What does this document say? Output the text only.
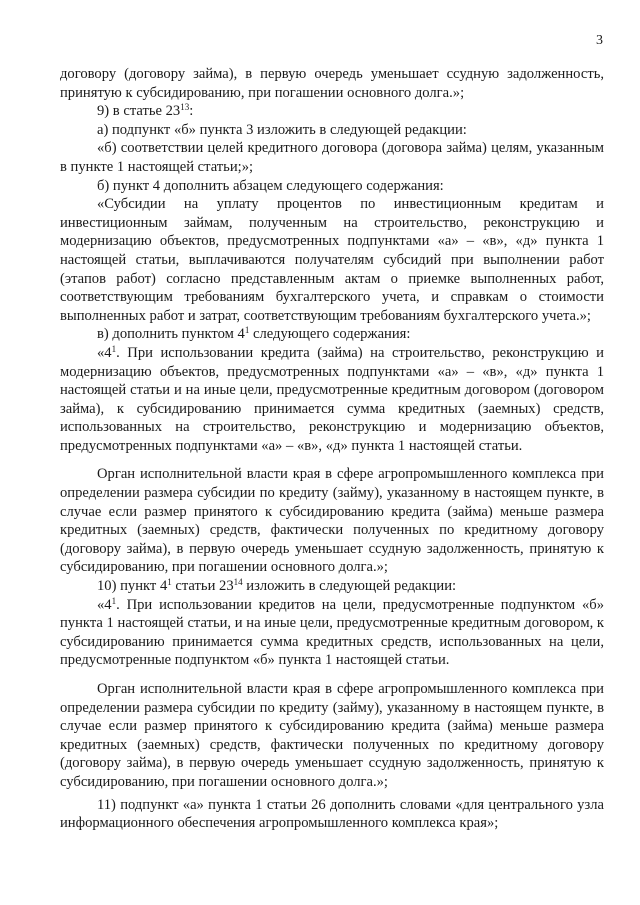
3

договору (договору займа), в первую очередь уменьшает ссудную задолженность, принятую к субсидированию, при погашении основного долга.»;

9) в статье $23^{13}$:

а) подпункт «б» пункта 3 изложить в следующей редакции:

«б) соответствии целей кредитного договора (договора займа) целям, указанным в пункте 1 настоящей статьи;»;

б) пункт 4 дополнить абзацем следующего содержания:

«Субсидии на уплату процентов по инвестиционным кредитам и инвестиционным займам, полученным на строительство, реконструкцию и модернизацию объектов, предусмотренных подпунктами «а» – «в», «д» пункта 1 настоящей статьи, выплачиваются получателям субсидий при выполнении работ (этапов работ) согласно представленным актам о приемке выполненных работ, соответствующим требованиям бухгалтерского учета, и справкам о стоимости выполненных работ и затрат, соответствующим требованиям бухгалтерского учета.»;

в) дополнить пунктом $4^1$ следующего содержания:

«$4^1$. При использовании кредита (займа) на строительство, реконструкцию и модернизацию объектов, предусмотренных подпунктами «а» – «в», «д» пункта 1 настоящей статьи и на иные цели, предусмотренные кредитным договором (договором займа), к субсидированию принимается сумма кредитных (заемных) средств, использованных на строительство, реконструкцию и модернизацию объектов, предусмотренных подпунктами «а» – «в», «д» пункта 1 настоящей статьи.

Орган исполнительной власти края в сфере агропромышленного комплекса при определении размера субсидии по кредиту (займу), указанному в настоящем пункте, в случае если размер принятого к субсидированию кредита (займа) меньше размера кредитных (заемных) средств, фактически полученных по кредитному договору (договору займа), в первую очередь уменьшает ссудную задолженность, принятую к субсидированию, при погашении основного долга.»;

10) пункт $4^1$ статьи $23^{14}$ изложить в следующей редакции:

«$4^1$. При использовании кредитов на цели, предусмотренные подпунктом «б» пункта 1 настоящей статьи, и на иные цели, предусмотренные кредитным договором, к субсидированию принимается сумма кредитных средств, использованных на цели, предусмотренные подпунктом «б» пункта 1 настоящей статьи.

Орган исполнительной власти края в сфере агропромышленного комплекса при определении размера субсидии по кредиту (займу), указанному в настоящем пункте, в случае если размер принятого к субсидированию кредита (займа) меньше размера кредитных (заемных) средств, фактически полученных по кредитному договору (договору займа), в первую очередь уменьшает ссудную задолженность, принятую к субсидированию, при погашении основного долга.»;

11) подпункт «а» пункта 1 статьи 26 дополнить словами «для центрального узла информационного обеспечения агропромышленного комплекса края»;
